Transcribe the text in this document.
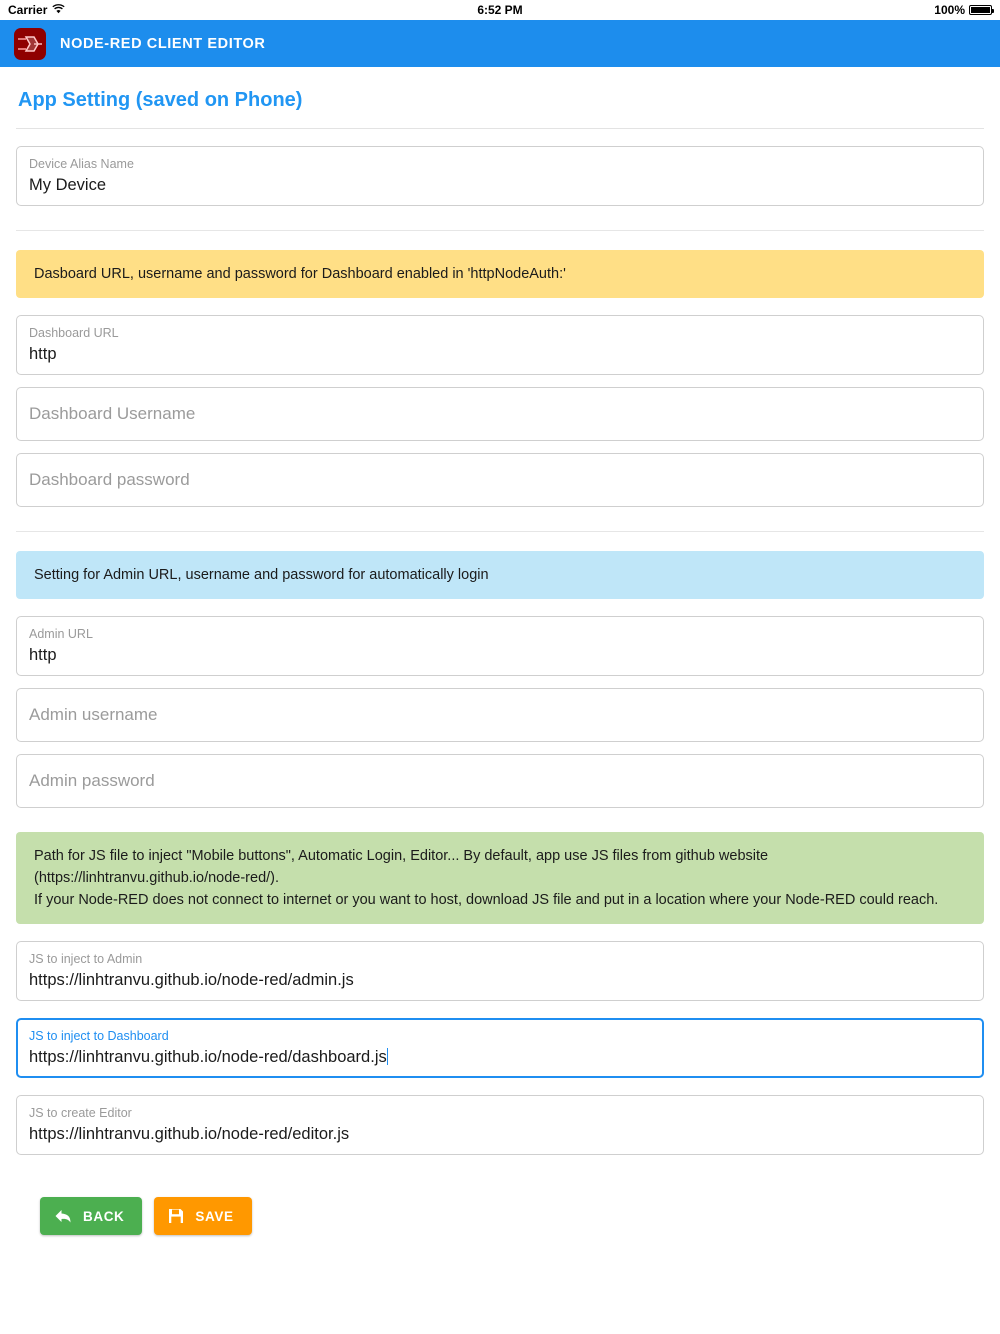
Carrier	6:52 PM	100%
NODE-RED CLIENT EDITOR
App Setting (saved on Phone)
Device Alias Name
My Device
Dasboard URL, username and password for Dashboard enabled in 'httpNodeAuth:'
Dashboard URL
http
Dashboard Username
Dashboard password
Setting for Admin URL, username and password for automatically login
Admin URL
http
Admin username
Admin password
Path for JS file to inject "Mobile buttons", Automatic Login, Editor... By default, app use JS files from github website (https://linhtranvu.github.io/node-red/).
If your Node-RED does not connect to internet or you want to host, download JS file and put in a location where your Node-RED could reach.
JS to inject to Admin
https://linhtranvu.github.io/node-red/admin.js
JS to inject to Dashboard
https://linhtranvu.github.io/node-red/dashboard.js
JS to create Editor
https://linhtranvu.github.io/node-red/editor.js
BACK	SAVE
